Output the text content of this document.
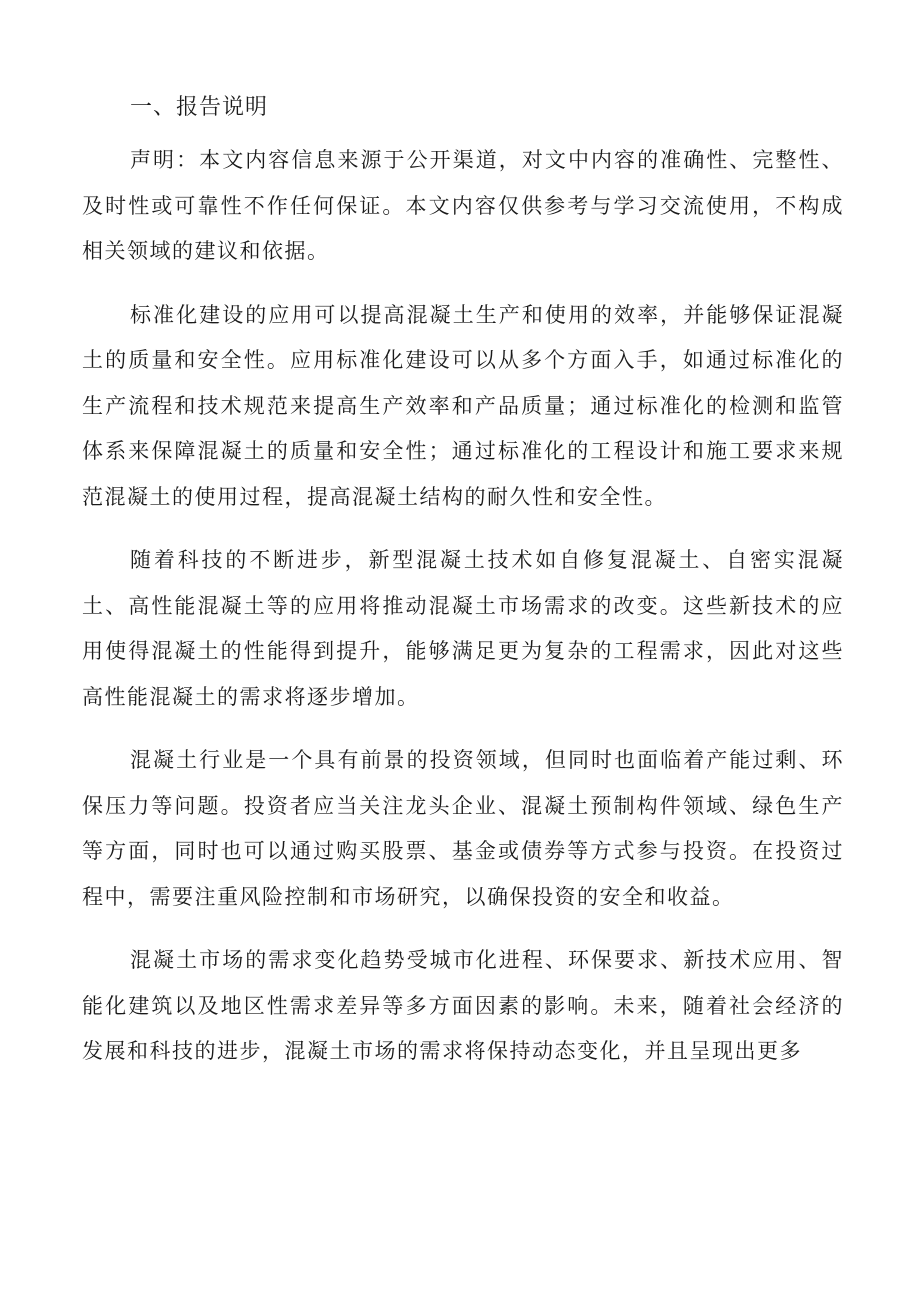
一、报告说明

声明：本文内容信息来源于公开渠道，对文中内容的准确性、完整性、及时性或可靠性不作任何保证。本文内容仅供参考与学习交流使用，不构成相关领域的建议和依据。

标准化建设的应用可以提高混凝土生产和使用的效率，并能够保证混凝土的质量和安全性。应用标准化建设可以从多个方面入手，如通过标准化的生产流程和技术规范来提高生产效率和产品质量；通过标准化的检测和监管体系来保障混凝土的质量和安全性；通过标准化的工程设计和施工要求来规范混凝土的使用过程，提高混凝土结构的耐久性和安全性。

随着科技的不断进步，新型混凝土技术如自修复混凝土、自密实混凝土、高性能混凝土等的应用将推动混凝土市场需求的改变。这些新技术的应用使得混凝土的性能得到提升，能够满足更为复杂的工程需求，因此对这些高性能混凝土的需求将逐步增加。

混凝土行业是一个具有前景的投资领域，但同时也面临着产能过剩、环保压力等问题。投资者应当关注龙头企业、混凝土预制构件领域、绿色生产等方面，同时也可以通过购买股票、基金或债券等方式参与投资。在投资过程中，需要注重风险控制和市场研究，以确保投资的安全和收益。

混凝土市场的需求变化趋势受城市化进程、环保要求、新技术应用、智能化建筑以及地区性需求差异等多方面因素的影响。未来，随着社会经济的发展和科技的进步，混凝土市场的需求将保持动态变化，并且呈现出更多
